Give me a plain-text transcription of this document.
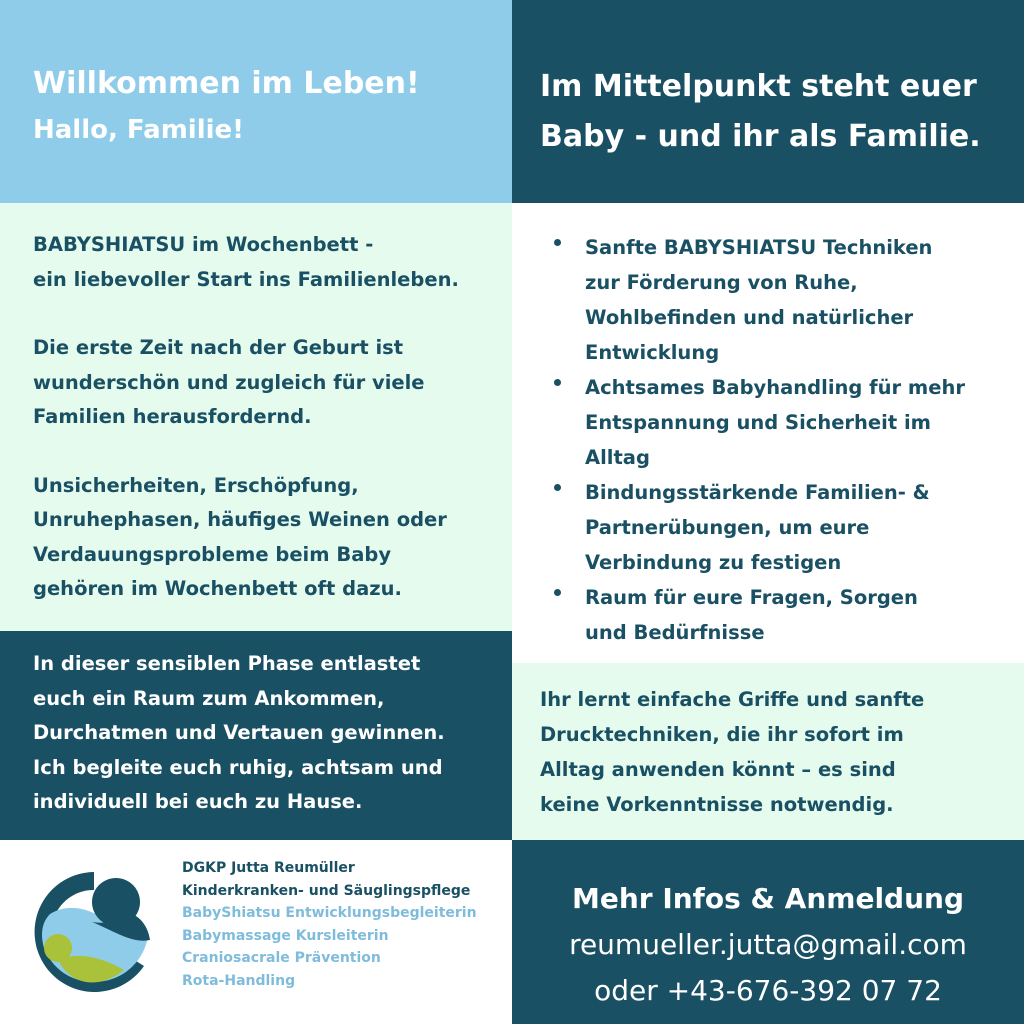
Willkommen im Leben!
Hallo, Familie!
Im Mittelpunkt steht euer
Baby - und ihr als Familie.
BABYSHIATSU im Wochenbett -
ein liebevoller Start ins Familienleben.
Die erste Zeit nach der Geburt ist
wunderschön und zugleich für viele
Familien herausfordernd.
Unsicherheiten, Erschöpfung,
Unruhephasen, häufiges Weinen oder
Verdauungsprobleme beim Baby
gehören im Wochenbett oft dazu.
Sanfte BABYSHIATSU Techniken
zur Förderung von Ruhe,
Wohlbefinden und natürlicher
Entwicklung
Achtsames Babyhandling für mehr
Entspannung und Sicherheit im
Alltag
Bindungsstärkende Familien- &
Partnerübungen, um eure
Verbindung zu festigen
Raum für eure Fragen, Sorgen
und Bedürfnisse
In dieser sensiblen Phase entlastet
euch ein Raum zum Ankommen,
Durchatmen und Vertauen gewinnen.
Ich begleite euch ruhig, achtsam und
individuell bei euch zu Hause.
Ihr lernt einfache Griffe und sanfte
Drucktechniken, die ihr sofort im
Alltag anwenden könnt – es sind
keine Vorkenntnisse notwendig.
DGKP Jutta Reumüller
Kinderkranken- und Säuglingspflege
BabyShiatsu Entwicklungsbegleiterin
Babymassage Kursleiterin
Craniosacrale Prävention
Rota-Handling
Mehr Infos & Anmeldung
reumueller.jutta@gmail.com
oder +43-676-392 07 72
